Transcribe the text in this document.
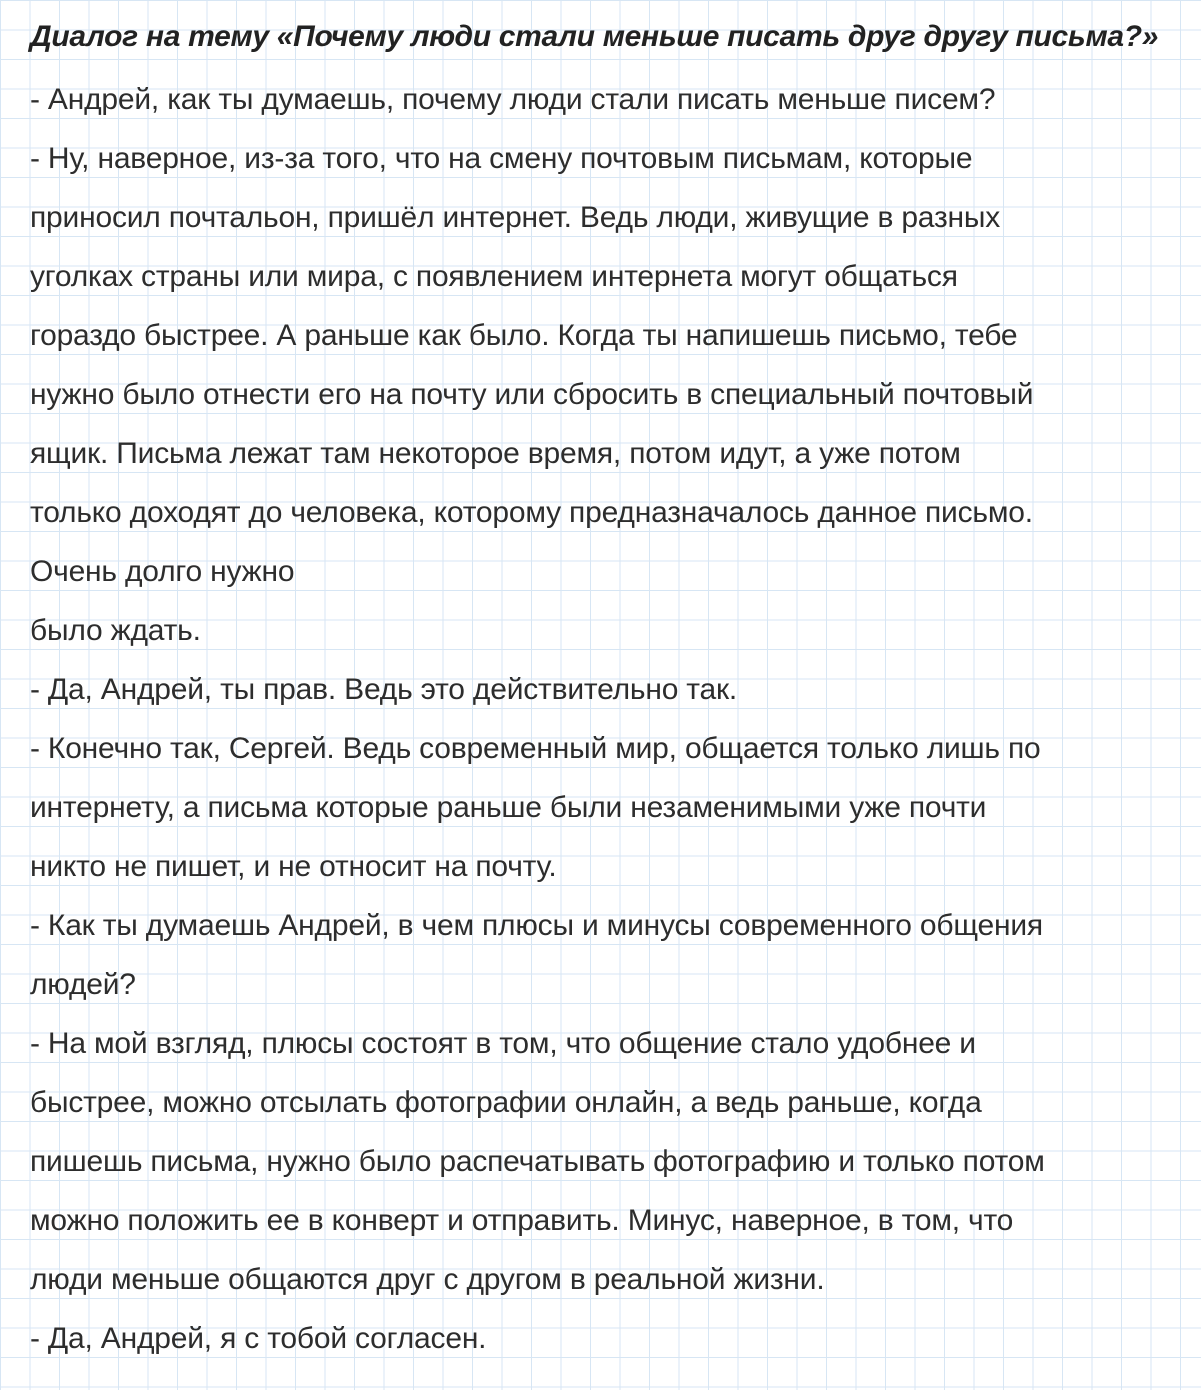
Диалог на тему «Почему люди стали меньше писать друг другу письма?»
- Андрей, как ты думаешь, почему люди стали писать меньше писем?
- Ну, наверное, из-за того, что на смену почтовым письмам, которые
приносил почтальон, пришёл интернет. Ведь люди, живущие в разных
уголках страны или мира, с появлением интернета могут общаться
гораздо быстрее. А раньше как было. Когда ты напишешь письмо, тебе
нужно было отнести его на почту или сбросить в специальный почтовый
ящик. Письма лежат там некоторое время, потом идут, а уже потом
только доходят до человека, которому предназначалось данное письмо.
Очень долго нужно
было ждать.
- Да, Андрей, ты прав. Ведь это действительно так.
- Конечно так, Сергей. Ведь современный мир, общается только лишь по
интернету, а письма которые раньше были незаменимыми уже почти
никто не пишет, и не относит на почту.
- Как ты думаешь Андрей, в чем плюсы и минусы современного общения
людей?
- На мой взгляд, плюсы состоят в том, что общение стало удобнее и
быстрее, можно отсылать фотографии онлайн, а ведь раньше, когда
пишешь письма, нужно было распечатывать фотографию и только потом
можно положить ее в конверт и отправить. Минус, наверное, в том, что
люди меньше общаются друг с другом в реальной жизни.
- Да, Андрей, я с тобой согласен.
